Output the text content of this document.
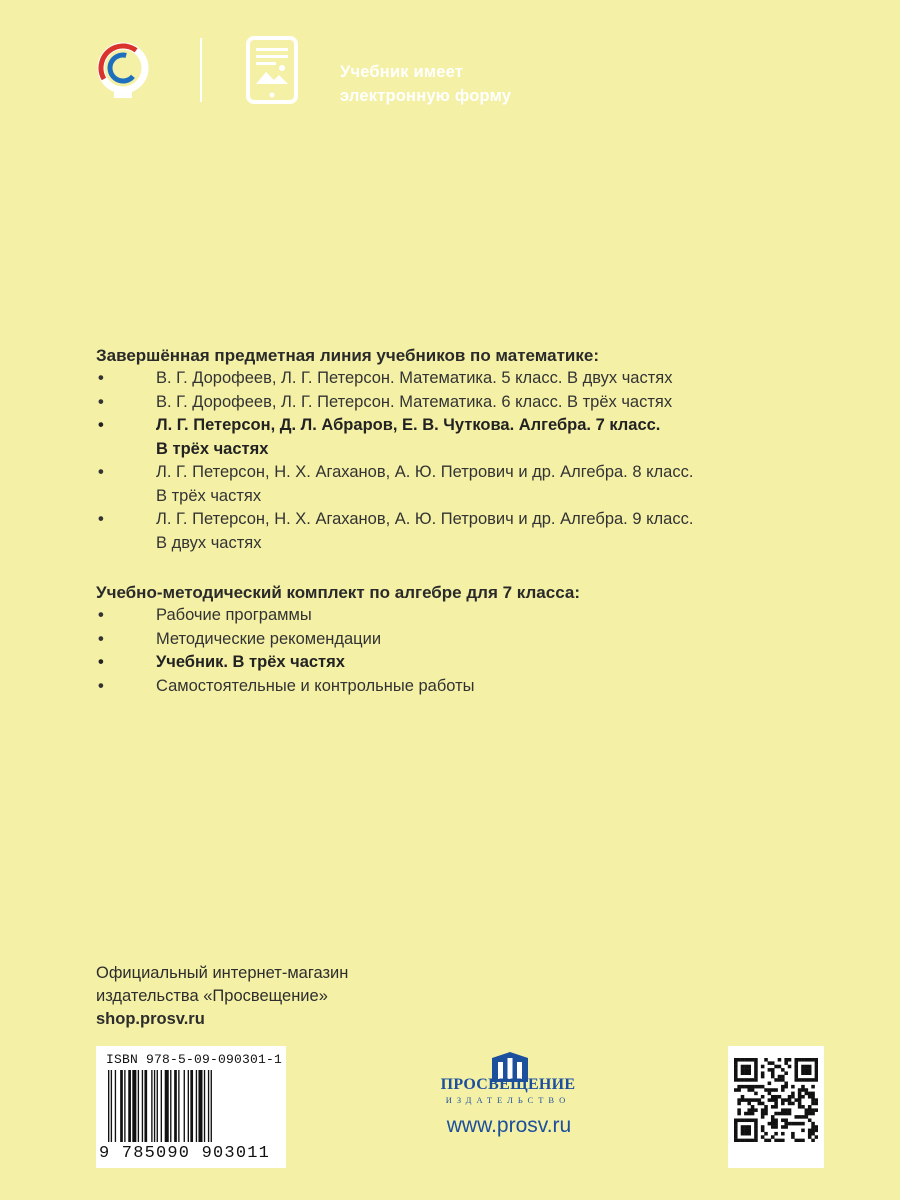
Учебник имеет
электронную форму
Завершённая предметная линия учебников по математике:
•	В. Г. Дорофеев, Л. Г. Петерсон. Математика. 5 класс. В двух частях
•	В. Г. Дорофеев, Л. Г. Петерсон. Математика. 6 класс. В трёх частях
•	Л. Г. Петерсон, Д. Л. Абраров, Е. В. Чуткова. Алгебра. 7 класс.
В трёх частях
•	Л. Г. Петерсон, Н. Х. Агаханов, А. Ю. Петрович и др. Алгебра. 8 класс.
В трёх частях
•	Л. Г. Петерсон, Н. Х. Агаханов, А. Ю. Петрович и др. Алгебра. 9 класс.
В двух частях
Учебно-методический комплект по алгебре для 7 класса:
•	Рабочие программы
•	Методические рекомендации
•	Учебник. В трёх частях
•	Самостоятельные и контрольные работы
Официальный интернет-магазин
издательства «Просвещение»
shop.prosv.ru
ISBN 978-5-09-090301-1
9 785090 903011
ПРОСВЕЩЕНИЕ
ИЗДАТЕЛЬСТВО
www.prosv.ru
